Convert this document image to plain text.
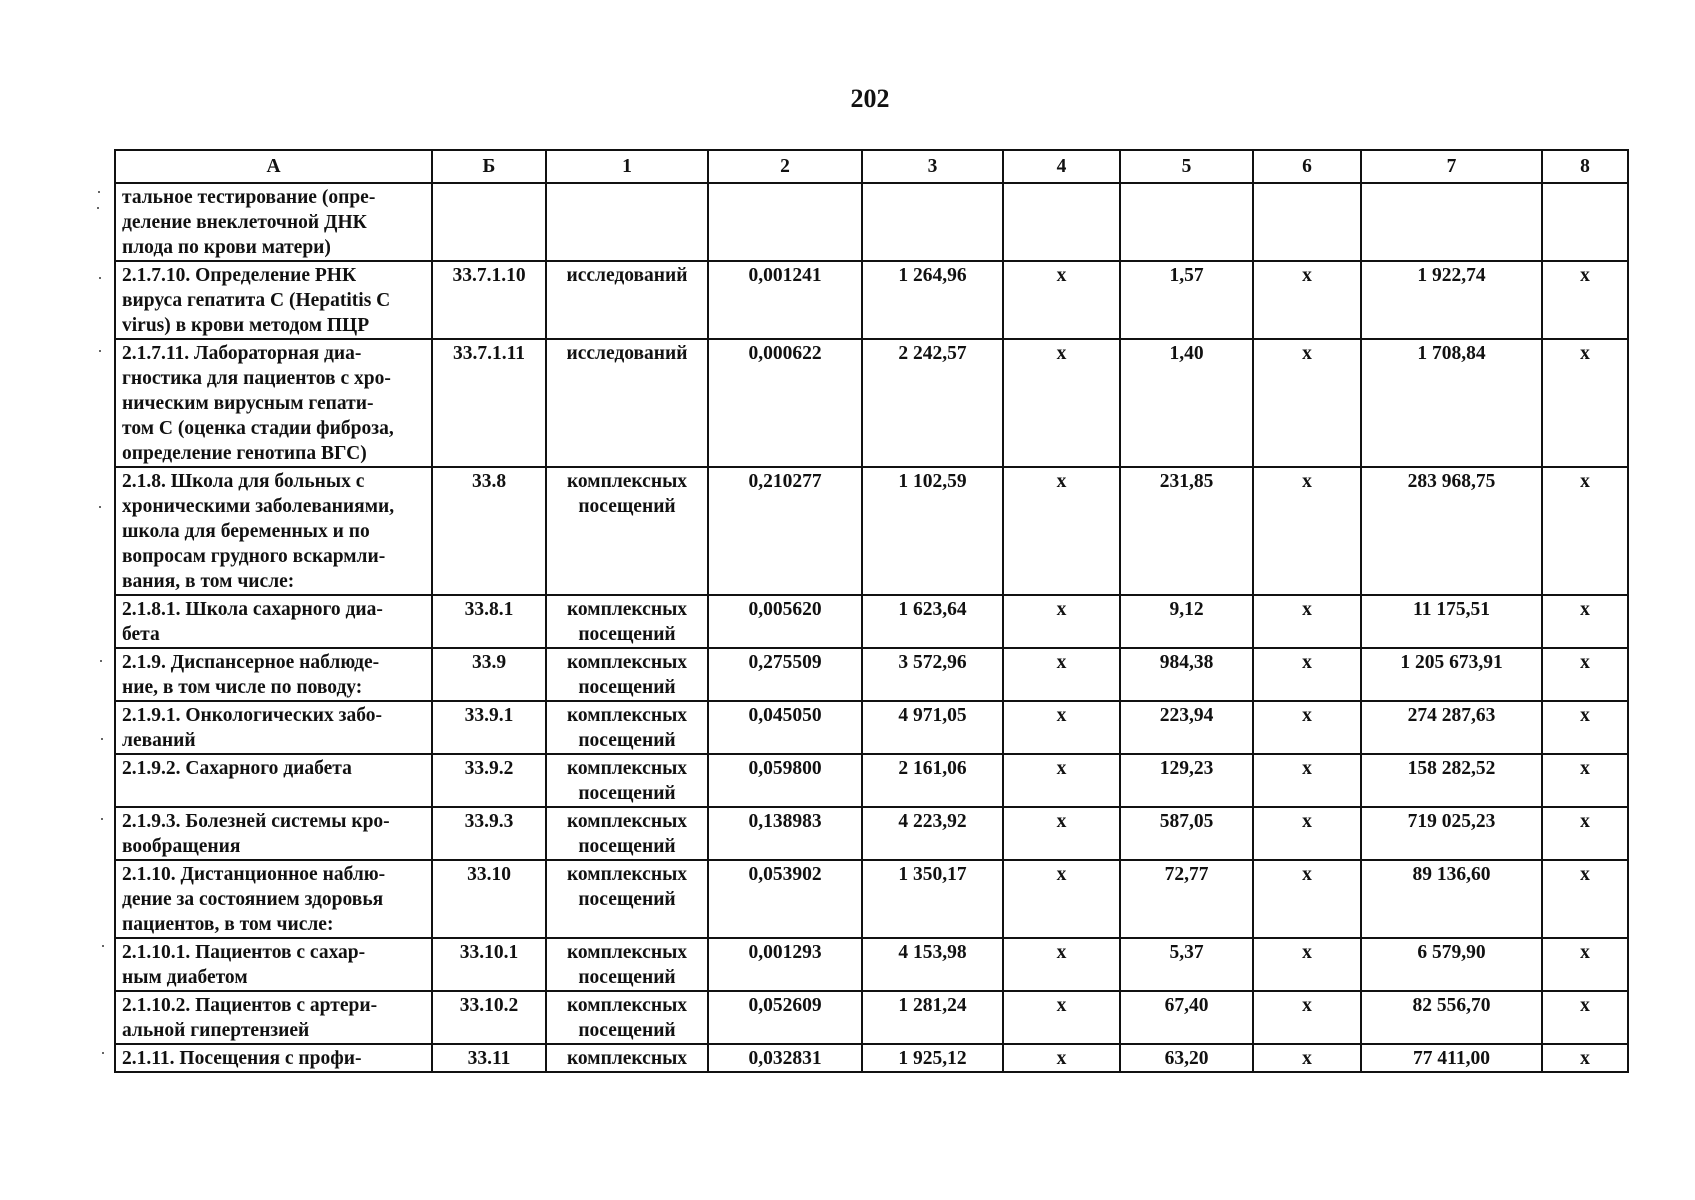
202
А	Б	1	2	3	4	5	6	7	8

тальное тестирование (опре-
деление внеклеточной ДНК
плода по крови матери)									

2.1.7.10. Определение РНК
вируса гепатита С (Hepatitis C
virus) в крови методом ПЦР	33.7.1.10	исследований	0,001241	1 264,96	х	1,57	х	1 922,74	х

2.1.7.11. Лабораторная диа-
гностика для пациентов с хро-
ническим вирусным гепати-
том С (оценка стадии фиброза,
определение генотипа ВГС)	33.7.1.11	исследований	0,000622	2 242,57	х	1,40	х	1 708,84	х

2.1.8. Школа для больных с
хроническими заболеваниями,
школа для беременных и по
вопросам грудного вскармли-
вания, в том числе:	33.8	комплексных посещений	0,210277	1 102,59	х	231,85	х	283 968,75	х

2.1.8.1. Школа сахарного диа-
бета	33.8.1	комплексных посещений	0,005620	1 623,64	х	9,12	х	11 175,51	х

2.1.9. Диспансерное наблюде-
ние, в том числе по поводу:	33.9	комплексных посещений	0,275509	3 572,96	х	984,38	х	1 205 673,91	х

2.1.9.1. Онкологических забо-
леваний	33.9.1	комплексных посещений	0,045050	4 971,05	х	223,94	х	274 287,63	х

2.1.9.2. Сахарного диабета	33.9.2	комплексных посещений	0,059800	2 161,06	х	129,23	х	158 282,52	х

2.1.9.3. Болезней системы кро-
вообращения	33.9.3	комплексных посещений	0,138983	4 223,92	х	587,05	х	719 025,23	х

2.1.10. Дистанционное наблю-
дение за состоянием здоровья
пациентов, в том числе:	33.10	комплексных посещений	0,053902	1 350,17	х	72,77	х	89 136,60	х

2.1.10.1. Пациентов с сахар-
ным диабетом	33.10.1	комплексных посещений	0,001293	4 153,98	х	5,37	х	6 579,90	х

2.1.10.2. Пациентов с артери-
альной гипертензией	33.10.2	комплексных посещений	0,052609	1 281,24	х	67,40	х	82 556,70	х

2.1.11. Посещения с профи-	33.11	комплексных	0,032831	1 925,12	х	63,20	х	77 411,00	х
